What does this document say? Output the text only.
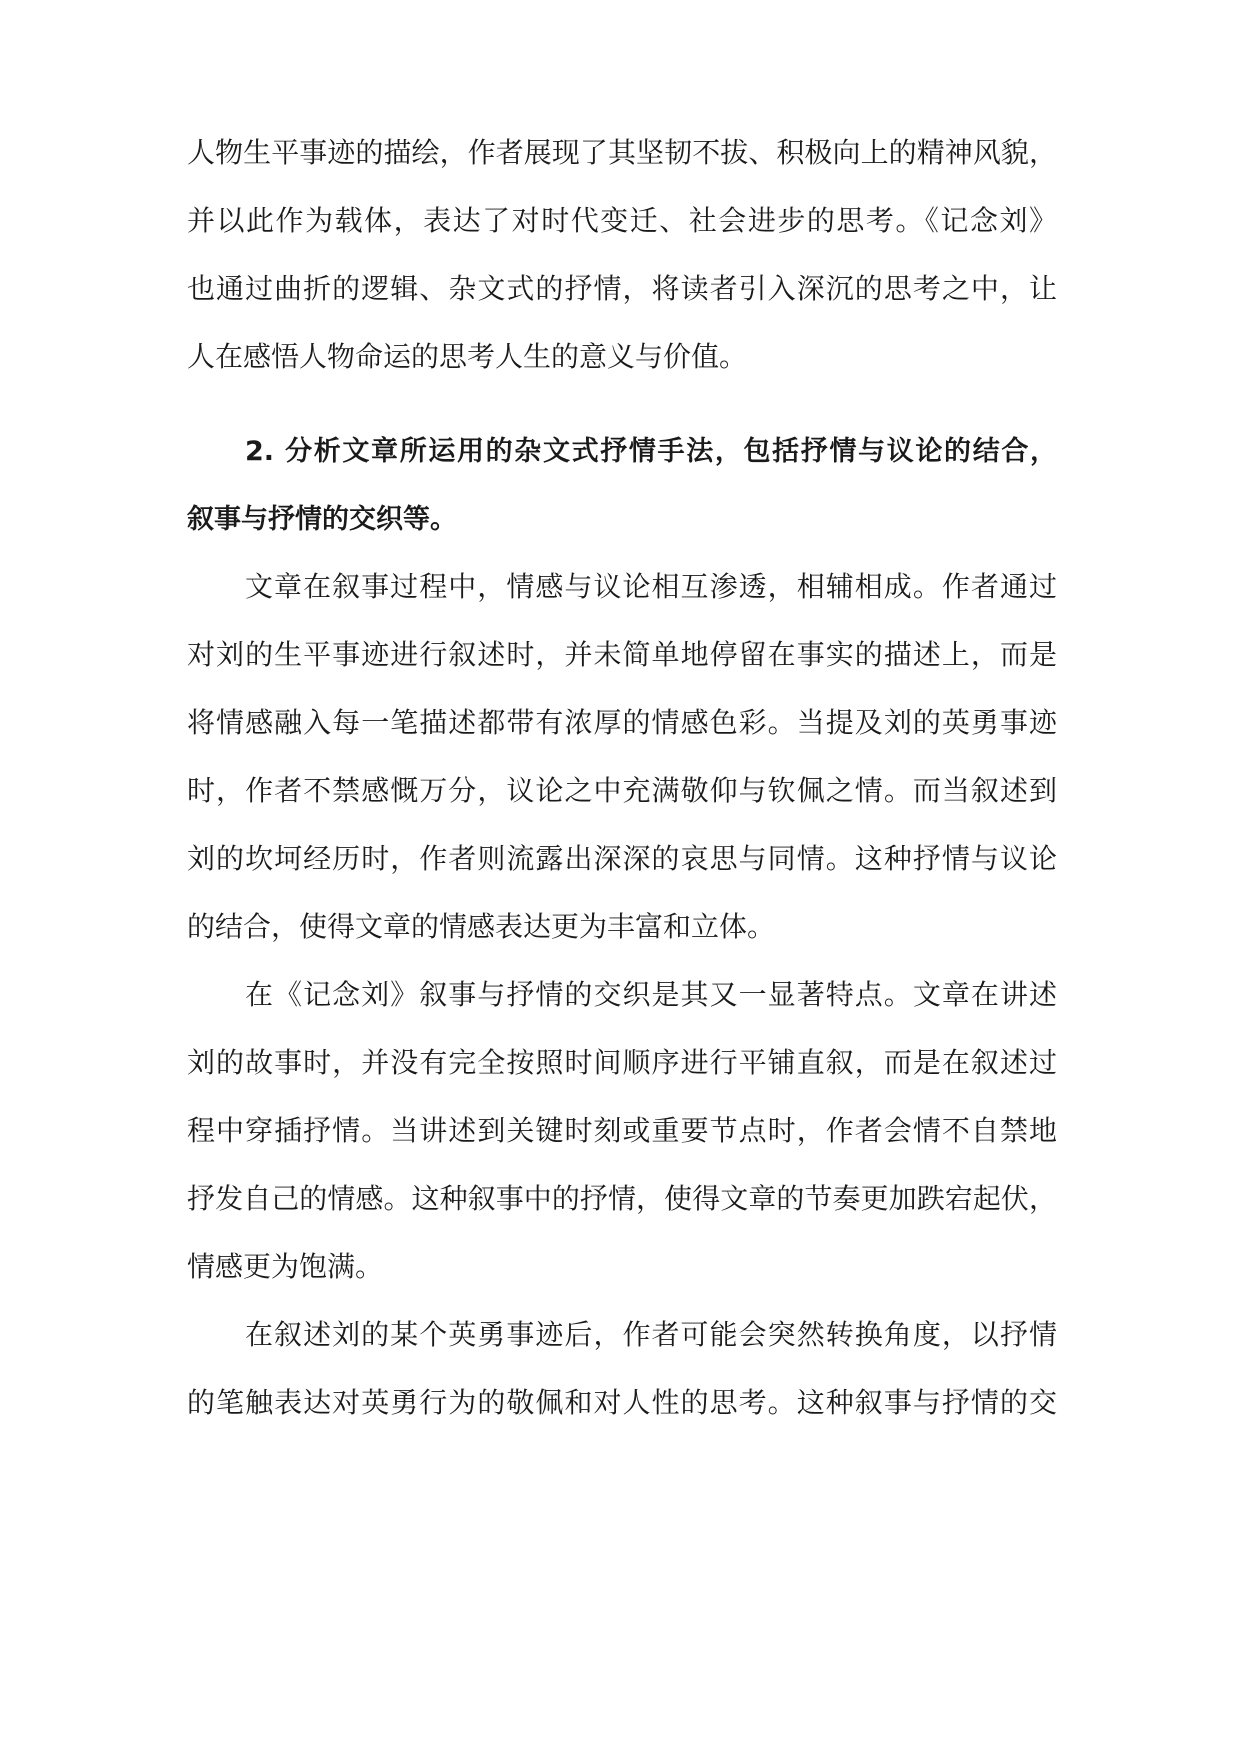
人物生平事迹的描绘，作者展现了其坚韧不拔、积极向上的精神风貌，
并以此作为载体，表达了对时代变迁、社会进步的思考。《记念刘》
也通过曲折的逻辑、杂文式的抒情，将读者引入深沉的思考之中，让
人在感悟人物命运的思考人生的意义与价值。
2. 分析文章所运用的杂文式抒情手法，包括抒情与议论的结合，
叙事与抒情的交织等。
文章在叙事过程中，情感与议论相互渗透，相辅相成。作者通过
对刘的生平事迹进行叙述时，并未简单地停留在事实的描述上，而是
将情感融入每一笔描述都带有浓厚的情感色彩。当提及刘的英勇事迹
时，作者不禁感慨万分，议论之中充满敬仰与钦佩之情。而当叙述到
刘的坎坷经历时，作者则流露出深深的哀思与同情。这种抒情与议论
的结合，使得文章的情感表达更为丰富和立体。
在《记念刘》叙事与抒情的交织是其又一显著特点。文章在讲述
刘的故事时，并没有完全按照时间顺序进行平铺直叙，而是在叙述过
程中穿插抒情。当讲述到关键时刻或重要节点时，作者会情不自禁地
抒发自己的情感。这种叙事中的抒情，使得文章的节奏更加跌宕起伏，
情感更为饱满。
在叙述刘的某个英勇事迹后，作者可能会突然转换角度，以抒情
的笔触表达对英勇行为的敬佩和对人性的思考。这种叙事与抒情的交
